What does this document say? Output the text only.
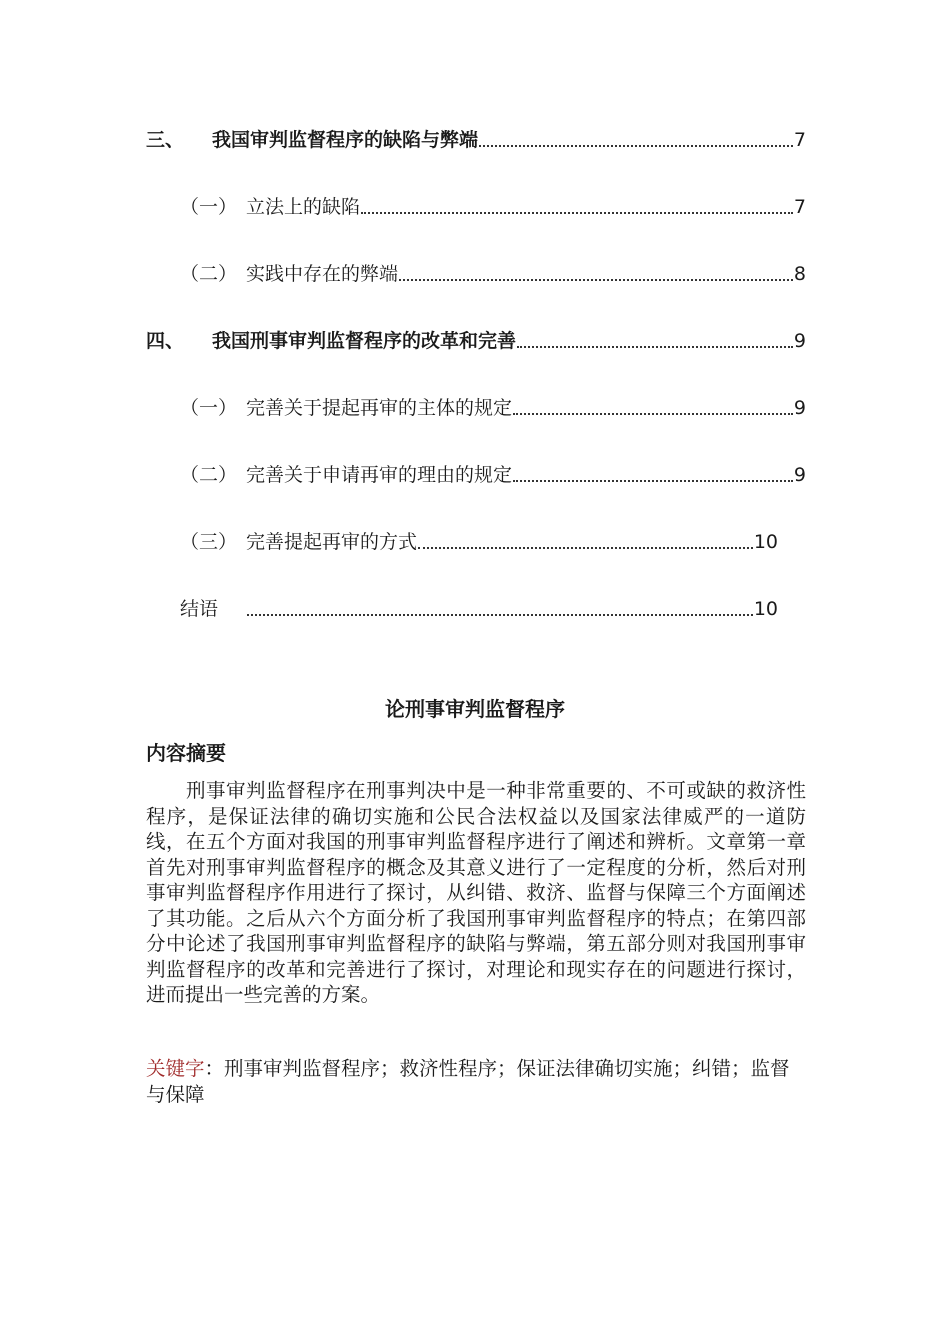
三、	我国审判监督程序的缺陷与弊端	7
（一） 立法上的缺陷	7
（二） 实践中存在的弊端	8
四、	我国刑事审判监督程序的改革和完善	9
（一） 完善关于提起再审的主体的规定	9
（二） 完善关于申请再审的理由的规定	9
（三） 完善提起再审的方式	10
结语	10
论刑事审判监督程序
内容摘要

刑事审判监督程序在刑事判决中是一种非常重要的、不可或缺的救济性程序，是保证法律的确切实施和公民合法权益以及国家法律威严的一道防线，在五个方面对我国的刑事审判监督程序进行了阐述和辨析。文章第一章首先对刑事审判监督程序的概念及其意义进行了一定程度的分析，然后对刑事审判监督程序作用进行了探讨，从纠错、救济、监督与保障三个方面阐述了其功能。之后从六个方面分析了我国刑事审判监督程序的特点；在第四部分中论述了我国刑事审判监督程序的缺陷与弊端，第五部分则对我国刑事审判监督程序的改革和完善进行了探讨，对理论和现实存在的问题进行探讨，进而提出一些完善的方案。

关键字：刑事审判监督程序；救济性程序；保证法律确切实施；纠错；监督与保障
